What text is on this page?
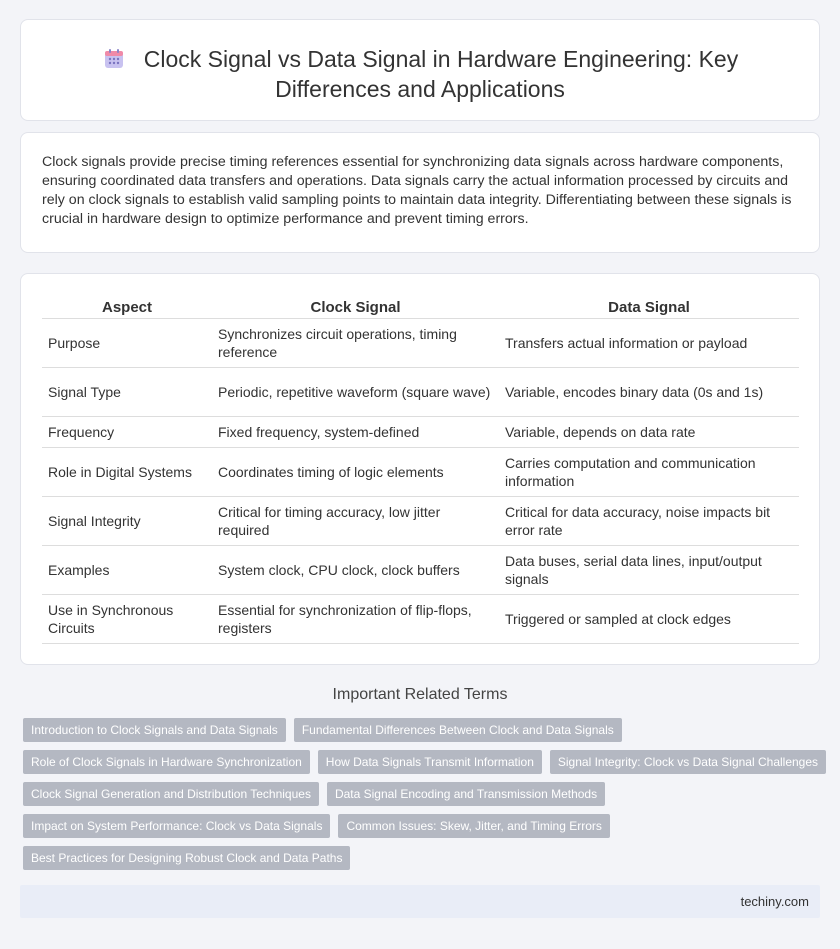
Clock Signal vs Data Signal in Hardware Engineering: Key Differences and Applications

Clock signals provide precise timing references essential for synchronizing data signals across hardware components, ensuring coordinated data transfers and operations. Data signals carry the actual information processed by circuits and rely on clock signals to establish valid sampling points to maintain data integrity. Differentiating between these signals is crucial in hardware design to optimize performance and prevent timing errors.

Aspect	Clock Signal	Data Signal
Purpose	Synchronizes circuit operations, timing reference	Transfers actual information or payload
Signal Type	Periodic, repetitive waveform (square wave)	Variable, encodes binary data (0s and 1s)
Frequency	Fixed frequency, system-defined	Variable, depends on data rate
Role in Digital Systems	Coordinates timing of logic elements	Carries computation and communication information
Signal Integrity	Critical for timing accuracy, low jitter required	Critical for data accuracy, noise impacts bit error rate
Examples	System clock, CPU clock, clock buffers	Data buses, serial data lines, input/output signals
Use in Synchronous Circuits	Essential for synchronization of flip-flops, registers	Triggered or sampled at clock edges
Important Related Terms
Introduction to Clock Signals and Data Signals	Fundamental Differences Between Clock and Data Signals
Role of Clock Signals in Hardware Synchronization	How Data Signals Transmit Information	Signal Integrity: Clock vs Data Signal Challenges
Clock Signal Generation and Distribution Techniques	Data Signal Encoding and Transmission Methods
Impact on System Performance: Clock vs Data Signals	Common Issues: Skew, Jitter, and Timing Errors
Best Practices for Designing Robust Clock and Data Paths
techiny.com
